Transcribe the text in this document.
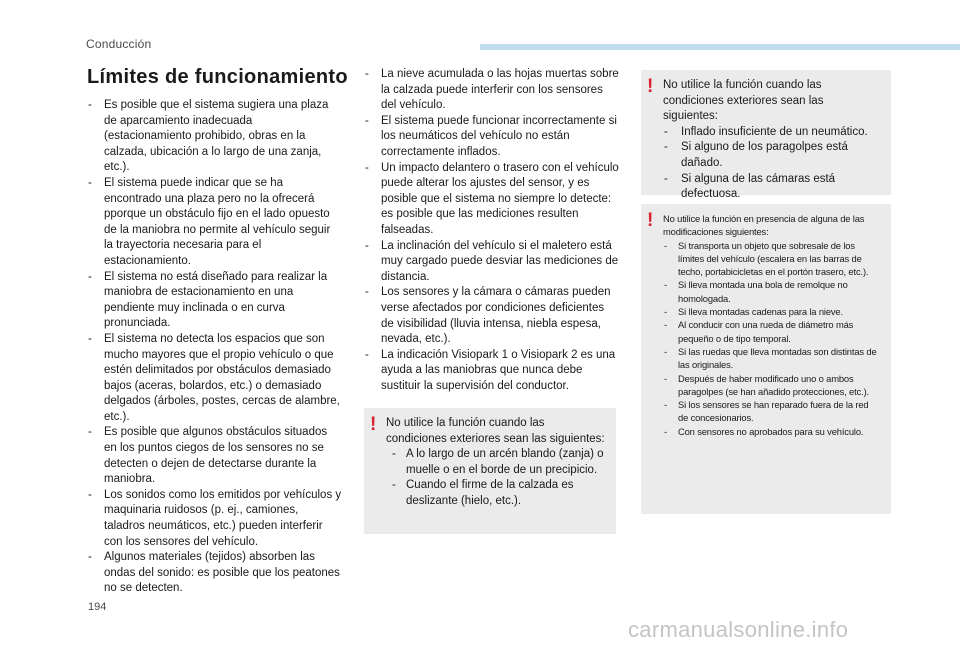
Conducción
Límites de funcionamiento
- Es posible que el sistema sugiera una plaza de aparcamiento inadecuada (estacionamiento prohibido, obras en la calzada, ubicación a lo largo de una zanja, etc.).
- El sistema puede indicar que se ha encontrado una plaza pero no la ofrecerá pporque un obstáculo fijo en el lado opuesto de la maniobra no permite al vehículo seguir la trayectoria necesaria para el estacionamiento.
- El sistema no está diseñado para realizar la maniobra de estacionamiento en una pendiente muy inclinada o en curva pronunciada.
- El sistema no detecta los espacios que son mucho mayores que el propio vehículo o que estén delimitados por obstáculos demasiado bajos (aceras, bolardos, etc.) o demasiado delgados (árboles, postes, cercas de alambre, etc.).
- Es posible que algunos obstáculos situados en los puntos ciegos de los sensores no se detecten o dejen de detectarse durante la maniobra.
- Los sonidos como los emitidos por vehículos y maquinaria ruidosos (p. ej., camiones, taladros neumáticos, etc.) pueden interferir con los sensores del vehículo.
- Algunos materiales (tejidos) absorben las ondas del sonido: es posible que los peatones no se detecten.
- La nieve acumulada o las hojas muertas sobre la calzada puede interferir con los sensores del vehículo.
- El sistema puede funcionar incorrectamente si los neumáticos del vehículo no están correctamente inflados.
- Un impacto delantero o trasero con el vehículo puede alterar los ajustes del sensor, y es posible que el sistema no siempre lo detecte: es posible que las mediciones resulten falseadas.
- La inclinación del vehículo si el maletero está muy cargado puede desviar las mediciones de distancia.
- Los sensores y la cámara o cámaras pueden verse afectados por condiciones deficientes de visibilidad (lluvia intensa, niebla espesa, nevada, etc.).
- La indicación Visiopark 1 o Visiopark 2 es una ayuda a las maniobras que nunca debe sustituir la supervisión del conductor.
! No utilice la función cuando las condiciones exteriores sean las siguientes:
- A lo largo de un arcén blando (zanja) o muelle o en el borde de un precipicio.
- Cuando el firme de la calzada es deslizante (hielo, etc.).
! No utilice la función cuando las condiciones exteriores sean las siguientes:
- Inflado insuficiente de un neumático.
- Si alguno de los paragolpes está dañado.
- Si alguna de las cámaras está defectuosa.
-
! No utilice la función en presencia de alguna de las modificaciones siguientes:
- Si transporta un objeto que sobresale de los límites del vehículo (escalera en las barras de techo, portabicicletas en el portón trasero, etc.).
- Si lleva montada una bola de remolque no homologada.
- Si lleva montadas cadenas para la nieve.
- Al conducir con una rueda de diámetro más pequeño o de tipo temporal.
- Si las ruedas que lleva montadas son distintas de las originales.
- Después de haber modificado uno o ambos paragolpes (se han añadido protecciones, etc.).
- Si los sensores se han reparado fuera de la red de concesionarios.
- Con sensores no aprobados para su vehículo.
194
carmanualsonline.info
